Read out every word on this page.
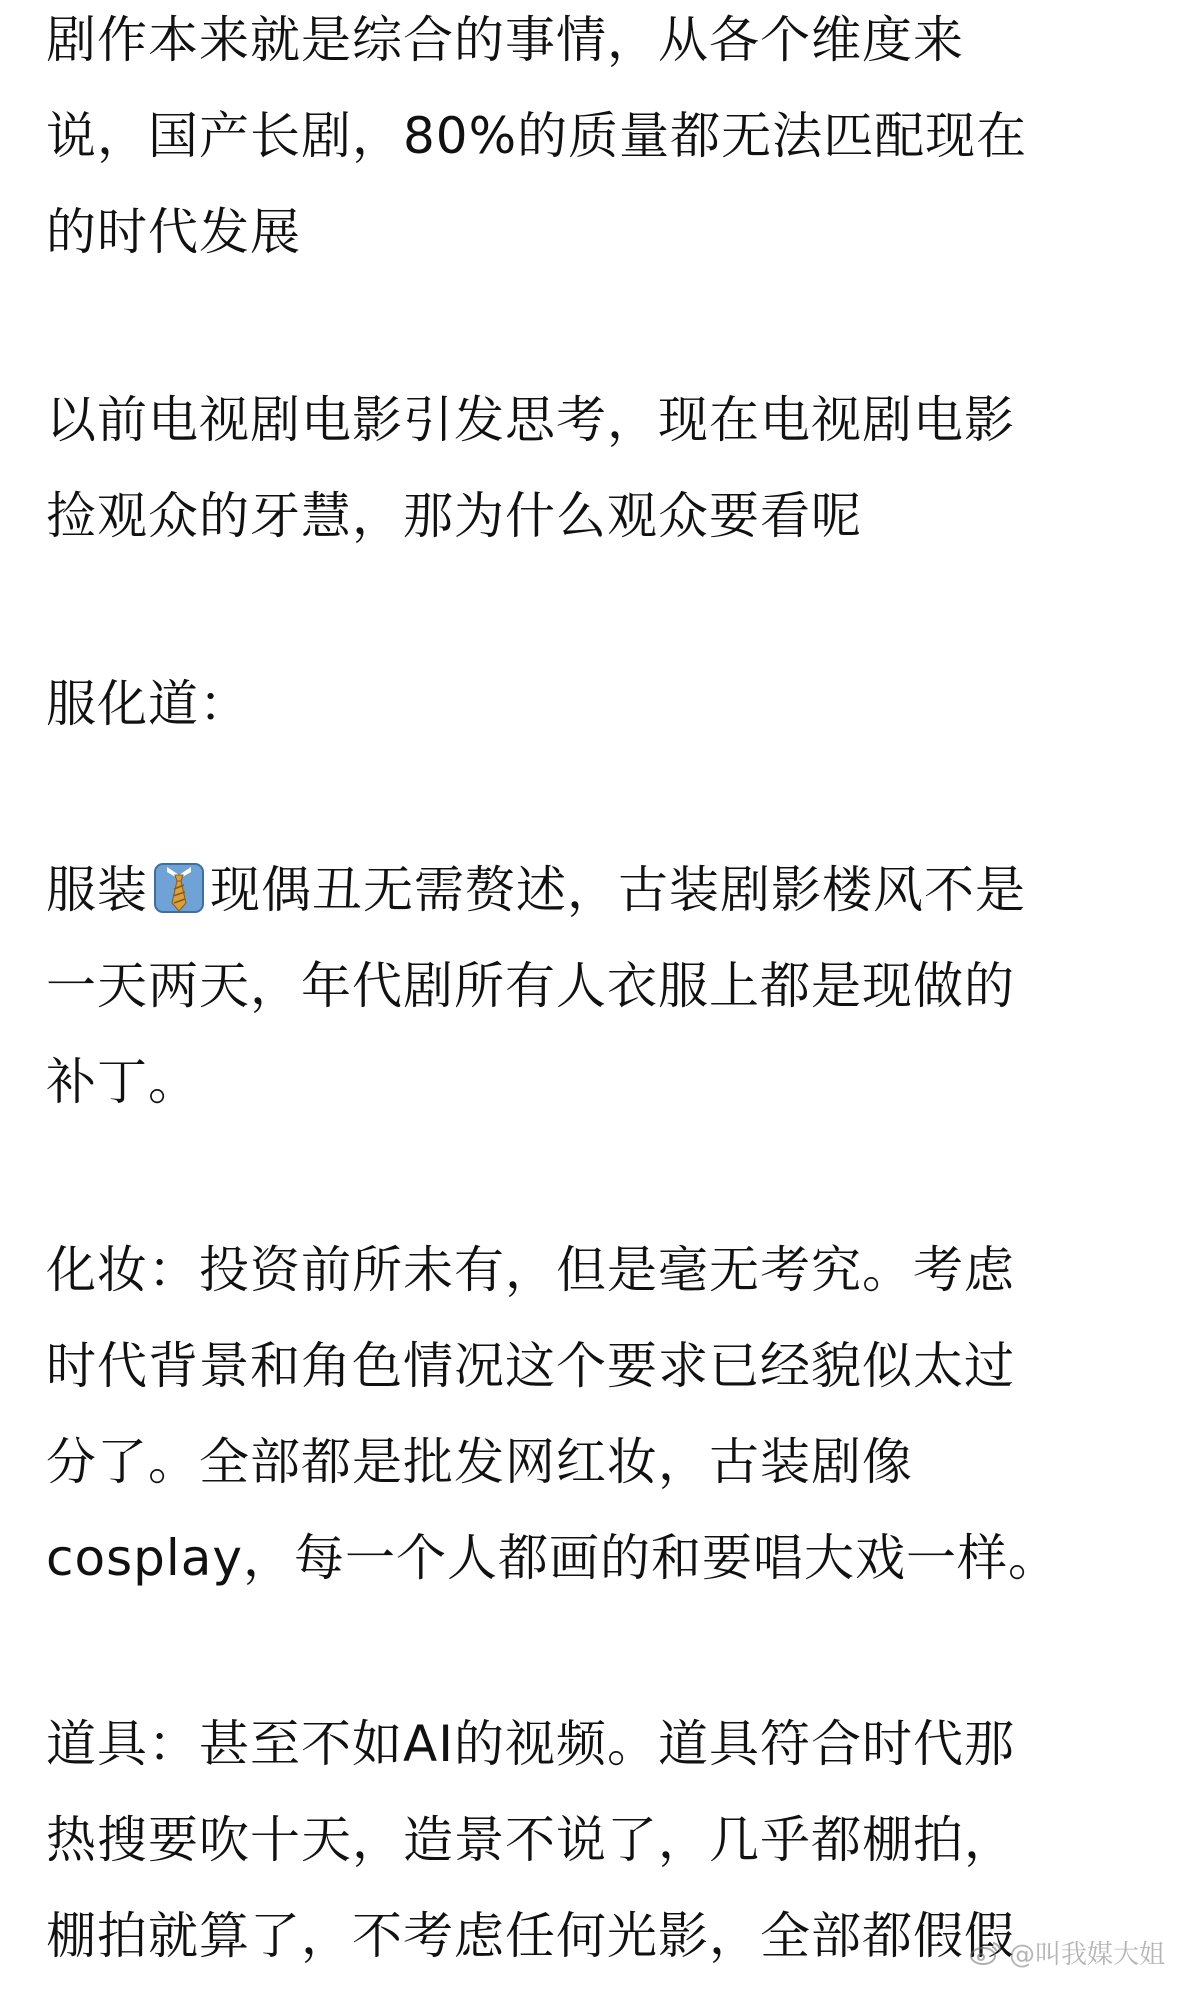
剧作本来就是综合的事情，从各个维度来
说，国产长剧，80%的质量都无法匹配现在
的时代发展
以前电视剧电影引发思考，现在电视剧电影
捡观众的牙慧，那为什么观众要看呢
服化道：
服装 现偶丑无需赘述，古装剧影楼风不是
一天两天，年代剧所有人衣服上都是现做的
补丁。
化妆：投资前所未有，但是毫无考究。考虑
时代背景和角色情况这个要求已经貌似太过
分了。全部都是批发网红妆，古装剧像
cosplay，每一个人都画的和要唱大戏一样。
道具：甚至不如AI的视频。道具符合时代那
热搜要吹十天，造景不说了，几乎都棚拍，
棚拍就算了，不考虑任何光影，全部都假假
@叫我媒大姐
